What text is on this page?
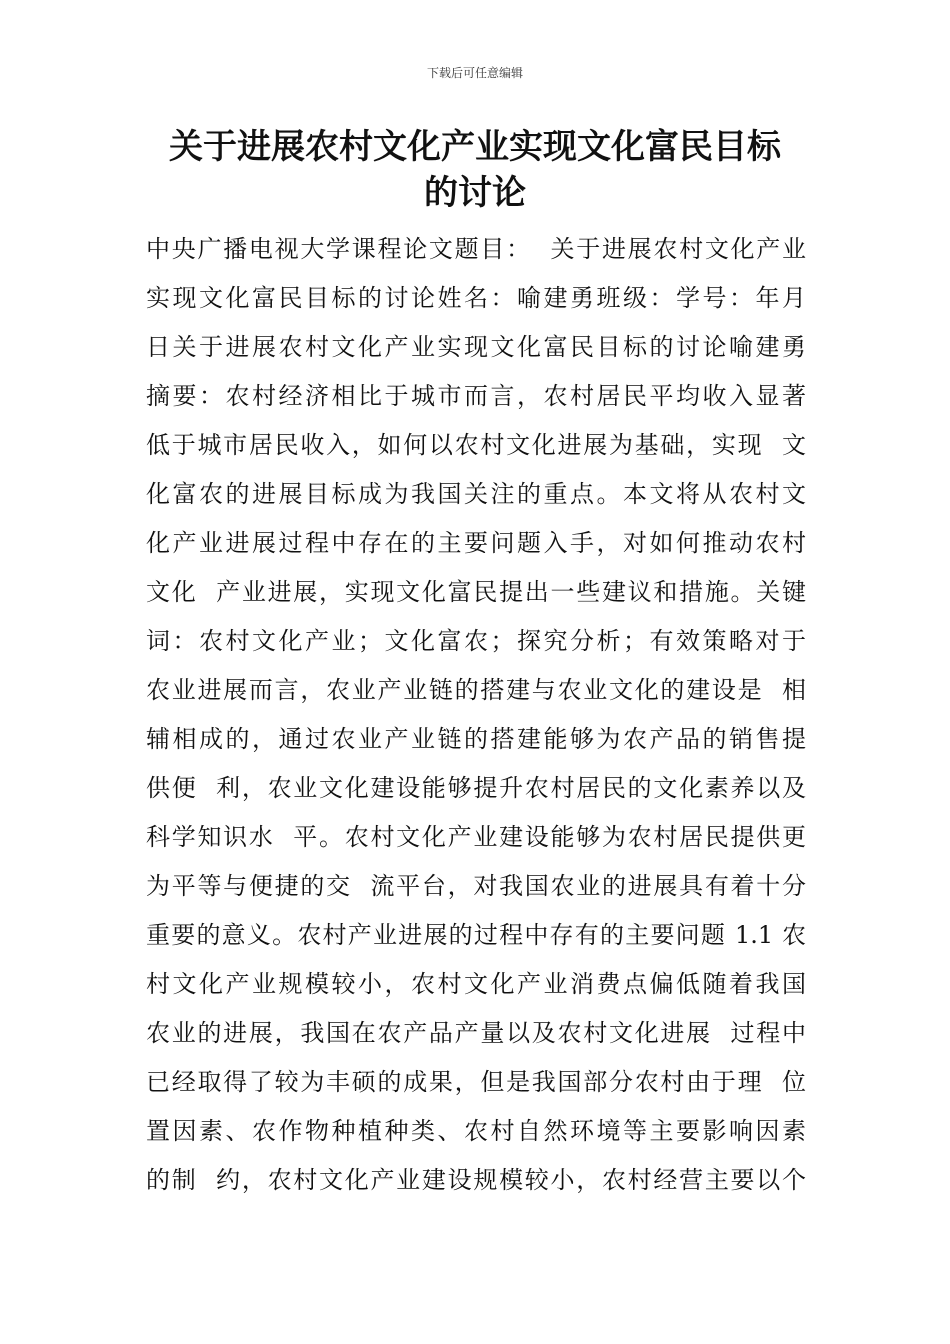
下载后可任意编辑
关于进展农村文化产业实现文化富民目标
的讨论
中央广播电视大学课程论文题目：  关于进展农村文化产业
实现文化富民目标的讨论姓名：喻建勇班级：学号：年月
日关于进展农村文化产业实现文化富民目标的讨论喻建勇
摘要：农村经济相比于城市而言，农村居民平均收入显著
低于城市居民收入，如何以农村文化进展为基础，实现  文
化富农的进展目标成为我国关注的重点。本文将从农村文
化产业进展过程中存在的主要问题入手，对如何推动农村
文化  产业进展，实现文化富民提出一些建议和措施。关键
词：农村文化产业；文化富农；探究分析；有效策略对于
农业进展而言，农业产业链的搭建与农业文化的建设是  相
辅相成的，通过农业产业链的搭建能够为农产品的销售提
供便  利，农业文化建设能够提升农村居民的文化素养以及
科学知识水  平。农村文化产业建设能够为农村居民提供更
为平等与便捷的交  流平台，对我国农业的进展具有着十分
重要的意义。农村产业进展的过程中存有的主要问题 1.1 农
村文化产业规模较小，农村文化产业消费点偏低随着我国
农业的进展，我国在农产品产量以及农村文化进展  过程中
已经取得了较为丰硕的成果，但是我国部分农村由于理  位
置因素、农作物种植种类、农村自然环境等主要影响因素
的制  约，农村文化产业建设规模较小，农村经营主要以个
